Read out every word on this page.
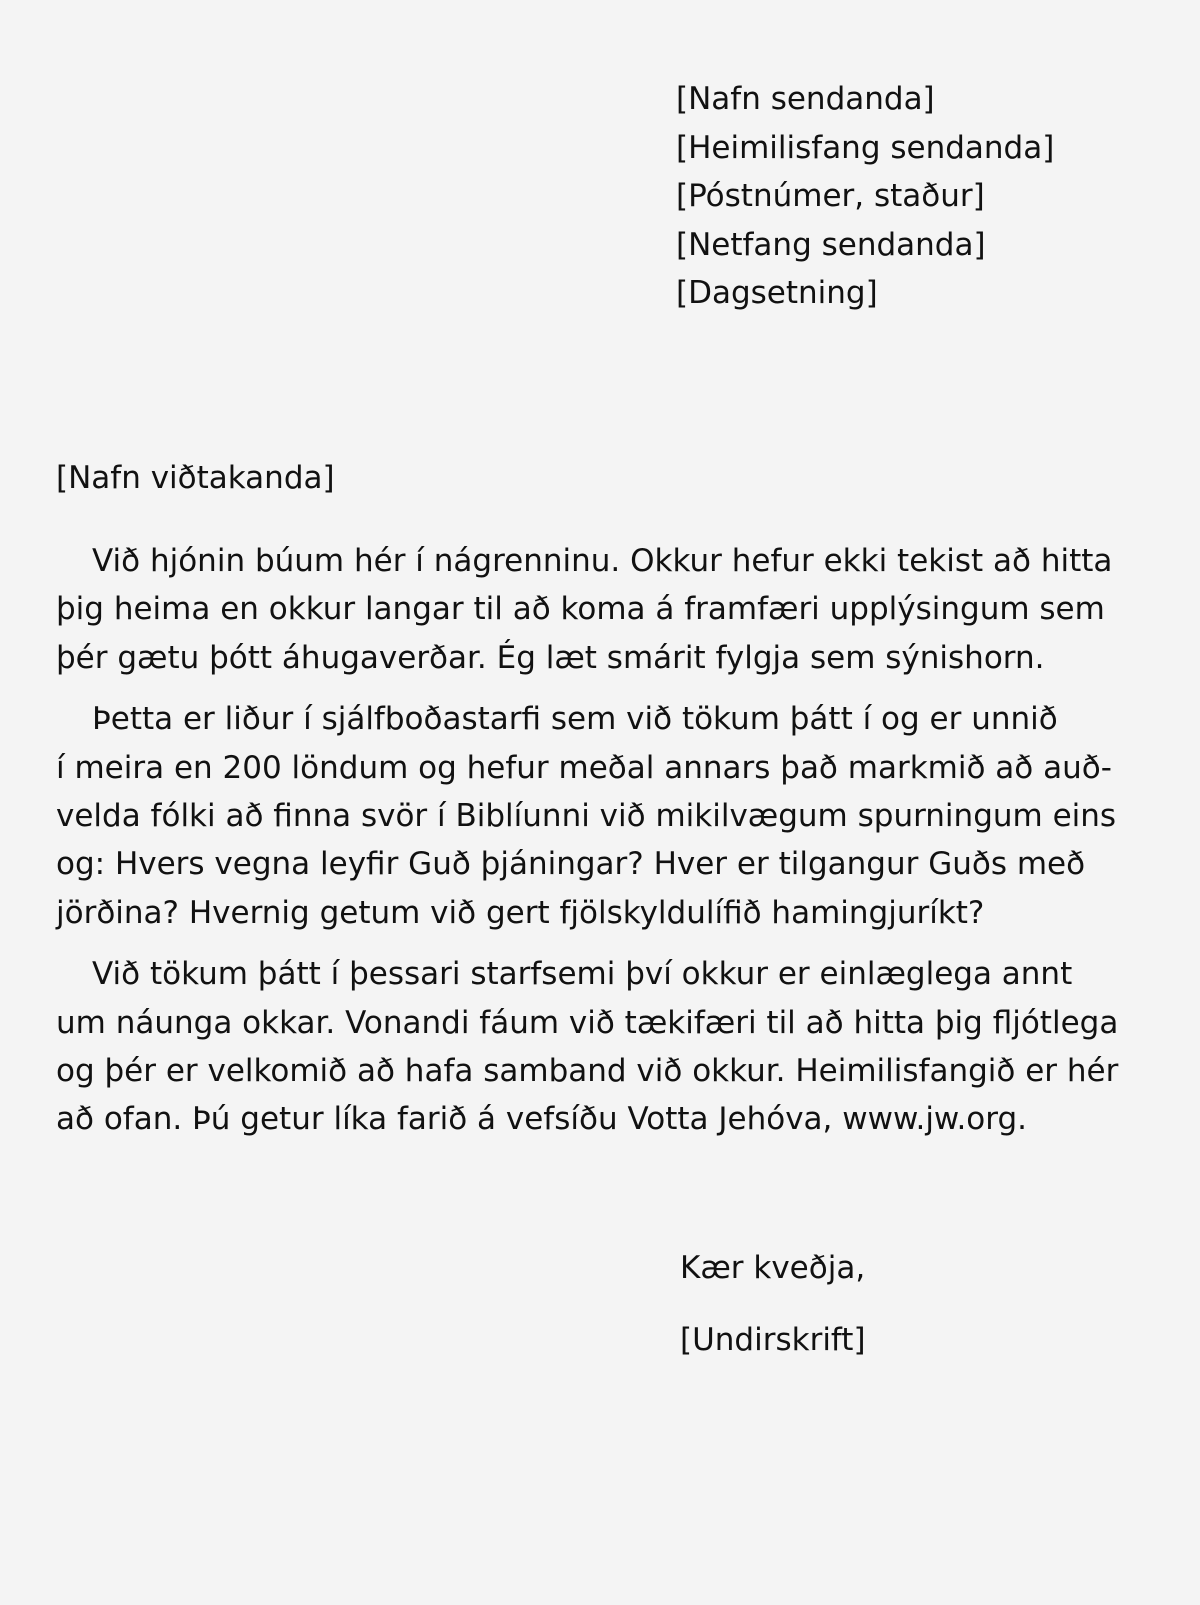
[Nafn sendanda]
[Heimilisfang sendanda]
[Póstnúmer, staður]
[Netfang sendanda]
[Dagsetning]
[Nafn viðtakanda]
Við hjónin búum hér í nágrenninu. Okkur hefur ekki tekist að hitta
þig heima en okkur langar til að koma á framfæri upplýsingum sem
þér gætu þótt áhugaverðar. Ég læt smárit fylgja sem sýnishorn.
Þetta er liður í sjálfboðastarfi sem við tökum þátt í og er unnið
í meira en 200 löndum og hefur meðal annars það markmið að auð-
velda fólki að finna svör í Biblíunni við mikilvægum spurningum eins
og: Hvers vegna leyfir Guð þjáningar? Hver er tilgangur Guðs með
jörðina? Hvernig getum við gert fjölskyldulífið hamingjuríkt?
Við tökum þátt í þessari starfsemi því okkur er einlæglega annt
um náunga okkar. Vonandi fáum við tækifæri til að hitta þig fljótlega
og þér er velkomið að hafa samband við okkur. Heimilisfangið er hér
að ofan. Þú getur líka farið á vefsíðu Votta Jehóva, www.jw.org.
Kær kveðja,
[Undirskrift]
